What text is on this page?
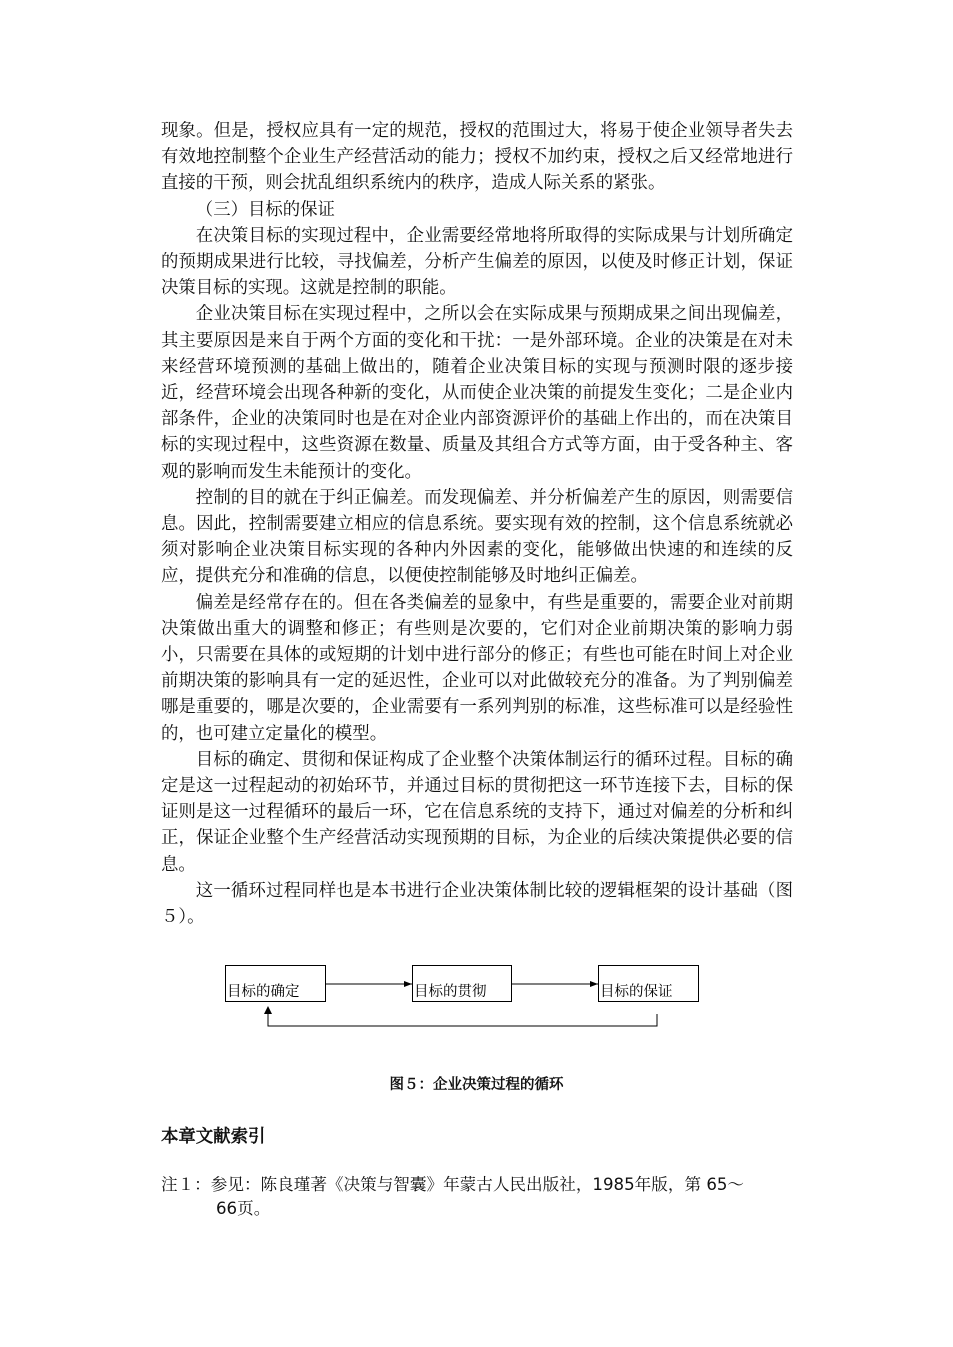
现象。但是，授权应具有一定的规范，授权的范围过大，将易于使企业领导者失去有效地控制整个企业生产经营活动的能力；授权不加约束，授权之后又经常地进行直接的干预，则会扰乱组织系统内的秩序，造成人际关系的紧张。

（三）目标的保证

在决策目标的实现过程中，企业需要经常地将所取得的实际成果与计划所确定的预期成果进行比较，寻找偏差，分析产生偏差的原因，以使及时修正计划，保证决策目标的实现。这就是控制的职能。

企业决策目标在实现过程中，之所以会在实际成果与预期成果之间出现偏差，其主要原因是来自于两个方面的变化和干扰：一是外部环境。企业的决策是在对未来经营环境预测的基础上做出的，随着企业决策目标的实现与预测时限的逐步接近，经营环境会出现各种新的变化，从而使企业决策的前提发生变化；二是企业内部条件，企业的决策同时也是在对企业内部资源评价的基础上作出的，而在决策目标的实现过程中，这些资源在数量、质量及其组合方式等方面，由于受各种主、客观的影响而发生未能预计的变化。

控制的目的就在于纠正偏差。而发现偏差、并分析偏差产生的原因，则需要信息。因此，控制需要建立相应的信息系统。要实现有效的控制，这个信息系统就必须对影响企业决策目标实现的各种内外因素的变化，能够做出快速的和连续的反应，提供充分和准确的信息，以便使控制能够及时地纠正偏差。

偏差是经常存在的。但在各类偏差的显象中，有些是重要的，需要企业对前期决策做出重大的调整和修正；有些则是次要的，它们对企业前期决策的影响力弱小，只需要在具体的或短期的计划中进行部分的修正；有些也可能在时间上对企业前期决策的影响具有一定的延迟性，企业可以对此做较充分的准备。为了判别偏差哪是重要的，哪是次要的，企业需要有一系列判别的标准，这些标准可以是经验性的，也可建立定量化的模型。

目标的确定、贯彻和保证构成了企业整个决策体制运行的循环过程。目标的确定是这一过程起动的初始环节，并通过目标的贯彻把这一环节连接下去，目标的保证则是这一过程循环的最后一环，它在信息系统的支持下，通过对偏差的分析和纠正，保证企业整个生产经营活动实现预期的目标，为企业的后续决策提供必要的信息。

这一循环过程同样也是本书进行企业决策体制比较的逻辑框架的设计基础（图５）。

目标的确定	目标的贯彻	目标的保证
图５：企业决策过程的循环
本章文献索引
注１：参见：陈良瑾著《决策与智囊》年蒙古人民出版社，1985年版，第 65～
66页。
